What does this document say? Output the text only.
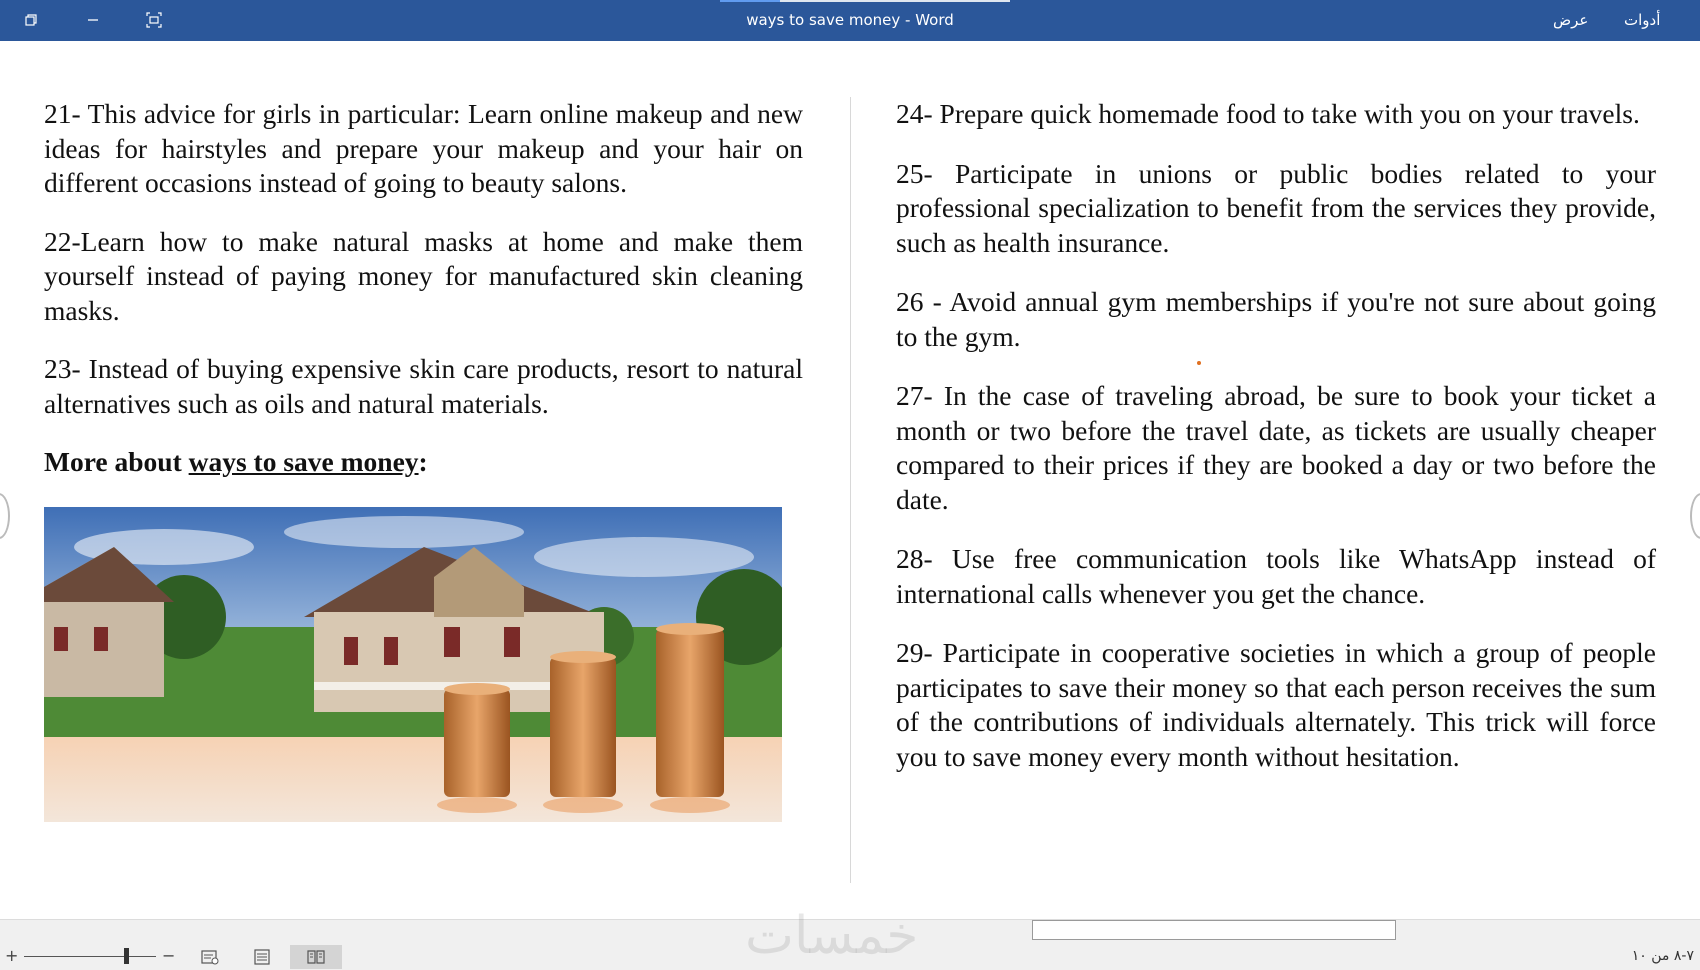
ways to save money - Word	عرض أدوات

21- This advice for girls in particular: Learn online makeup and new ideas for hairstyles and prepare your makeup and your hair on different occasions instead of going to beauty salons.

22-Learn how to make natural masks at home and make them yourself instead of paying money for manufactured skin cleaning masks.

23- Instead of buying expensive skin care products, resort to natural alternatives such as oils and natural materials.

More about ways to save money:

24- Prepare quick homemade food to take with you on your travels.

25- Participate in unions or public bodies related to your professional specialization to benefit from the services they provide, such as health insurance.

26 - Avoid annual gym memberships if you're not sure about going to the gym.

27- In the case of traveling abroad, be sure to book your ticket a month or two before the travel date, as tickets are usually cheaper compared to their prices if they are booked a day or two before the date.

28- Use free communication tools like WhatsApp instead of international calls whenever you get the chance.

29- Participate in cooperative societies in which a group of people participates to save their money so that each person receives the sum of the contributions of individuals alternately. This trick will force you to save money every month without hesitation.

خمسات
+	−	٧-٨ من ١٠
